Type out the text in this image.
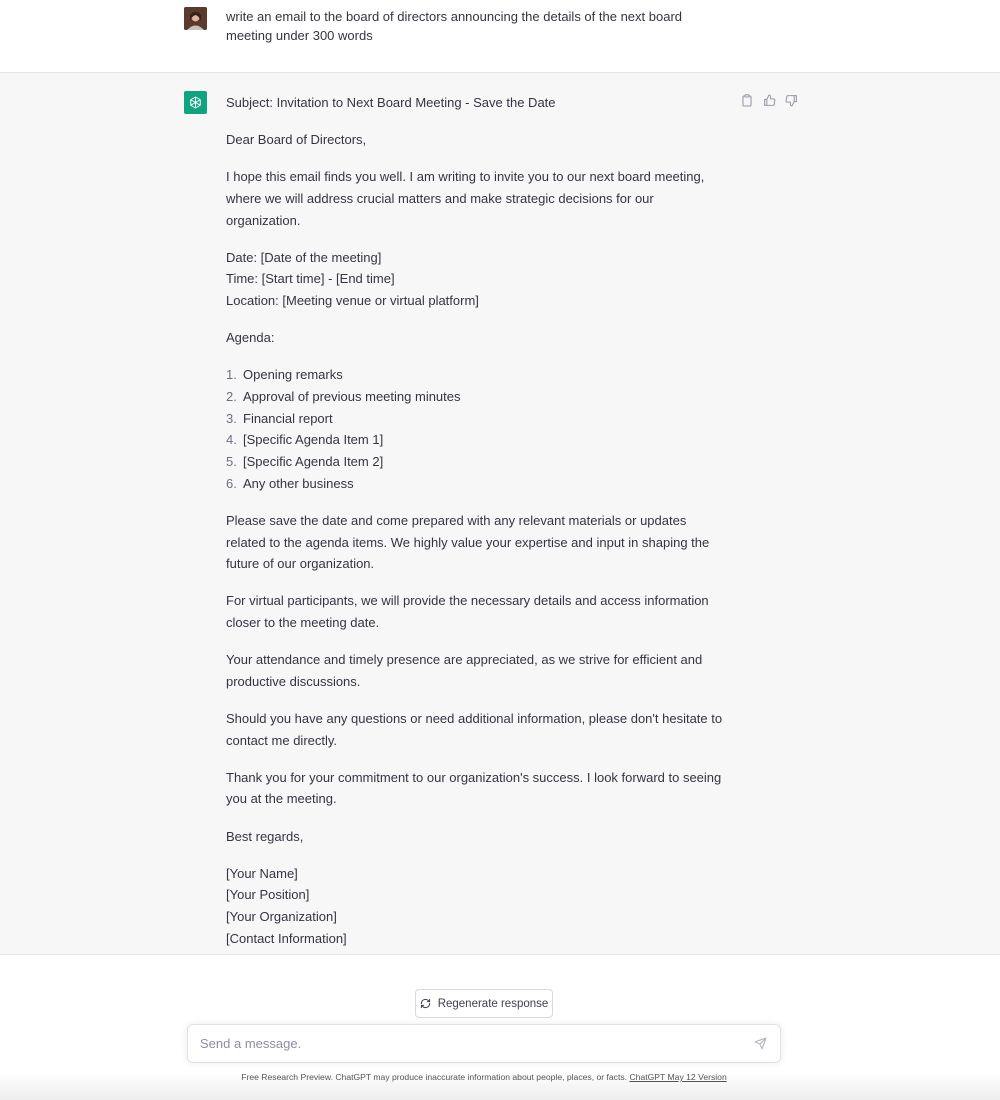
write an email to the board of directors announcing the details of the next board meeting under 300 words

Subject: Invitation to Next Board Meeting - Save the Date

Dear Board of Directors,

I hope this email finds you well. I am writing to invite you to our next board meeting, where we will address crucial matters and make strategic decisions for our organization.

Date: [Date of the meeting]
Time: [Start time] - [End time]
Location: [Meeting venue or virtual platform]

Agenda:

1. Opening remarks
2. Approval of previous meeting minutes
3. Financial report
4. [Specific Agenda Item 1]
5. [Specific Agenda Item 2]
6. Any other business

Please save the date and come prepared with any relevant materials or updates related to the agenda items. We highly value your expertise and input in shaping the future of our organization.

For virtual participants, we will provide the necessary details and access information closer to the meeting date.

Your attendance and timely presence are appreciated, as we strive for efficient and productive discussions.

Should you have any questions or need additional information, please don't hesitate to contact me directly.

Thank you for your commitment to our organization's success. I look forward to seeing you at the meeting.

Best regards,

[Your Name]
[Your Position]
[Your Organization]
[Contact Information]

Regenerate response
Send a message.
Free Research Preview. ChatGPT may produce inaccurate information about people, places, or facts. ChatGPT May 12 Version
